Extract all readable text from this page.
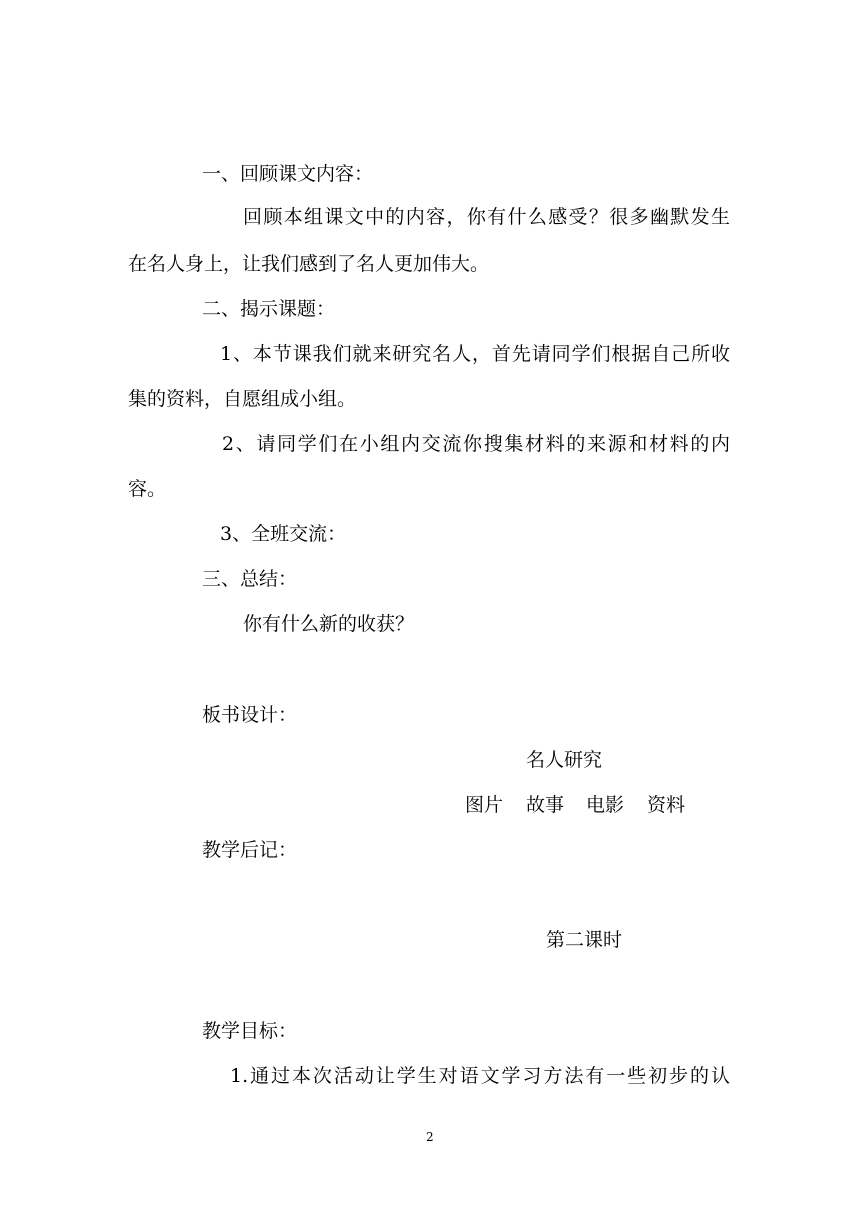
一、回顾课文内容：
回顾本组课文中的内容，你有什么感受？很多幽默发生
在名人身上，让我们感到了名人更加伟大。
二、揭示课题：
1、本节课我们就来研究名人，首先请同学们根据自己所收
集的资料，自愿组成小组。
2、请同学们在小组内交流你搜集材料的来源和材料的内
容。
3、全班交流：
三、总结：
你有什么新的收获？
板书设计：
名人研究
图片 故事 电影 资料
教学后记：
第二课时
教学目标：
1.通过本次活动让学生对语文学习方法有一些初步的认
2
